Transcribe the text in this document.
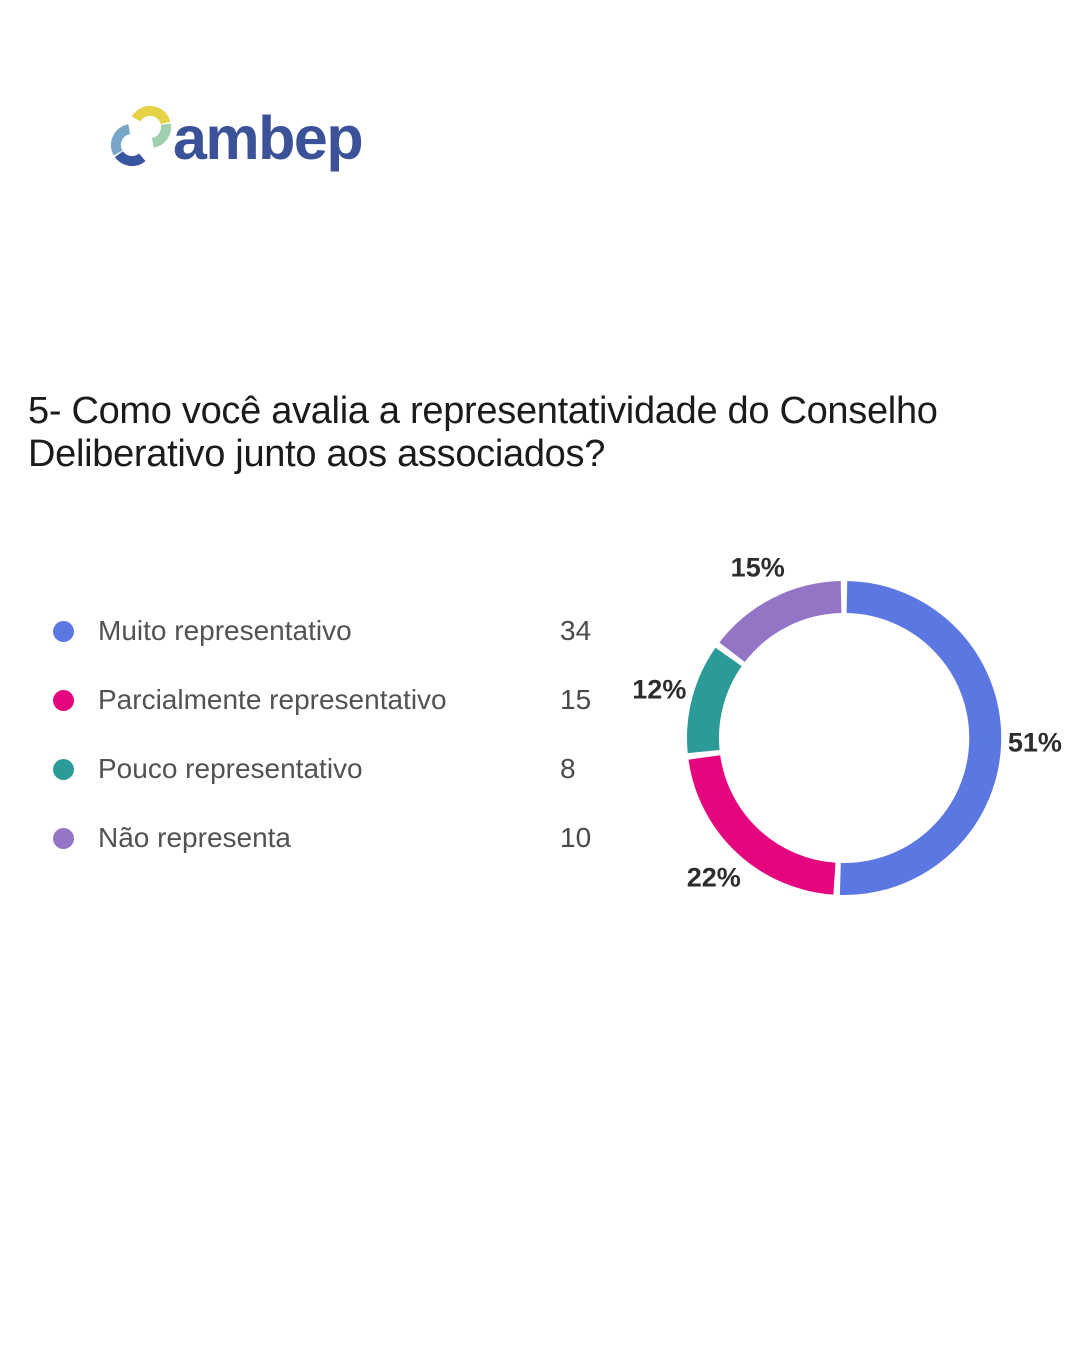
ambep
5- Como você avalia a representatividade do Conselho
Deliberativo junto aos associados?
Muito representativo	34
Parcialmente representativo	15
Pouco representativo	8
Não representa	10
51%
22%
12%
15%
